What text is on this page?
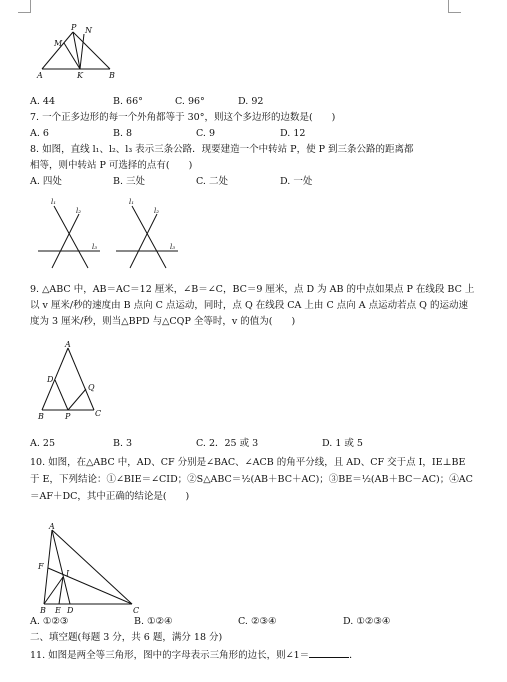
M
P N
A	K	B
A. 44	B. 66°	C. 96°	D. 92
7. 一个正多边形的每一个外角都等于 30°，则这个多边形的边数是(　　)
A. 6	B. 8	C. 9	D. 12
8. 如图，直线 l₁、l₂、l₃ 表示三条公路．现要建造一个中转站 P，使 P 到三条公路的距离都
相等，则中转站 P 可选择的点有(　　)
A. 四处	B. 三处	C. 二处	D. 一处
l₁
l₂
l₃
l₁
l₂
l₃
9. △ABC 中，AB＝AC＝12 厘米，∠B＝∠C，BC＝9 厘米，点 D 为 AB 的中点如果点 P 在线段 BC 上以 v 厘米/秒的速度由 B 点向 C 点运动，同时，点 Q 在线段 CA 上由 C 点向 A 点运动若点 Q 的运动速度为 3 厘米/秒，则当△BPD 与△CQP 全等时，v 的值为(　　)
A
D
Q
B	P	C
A. 25	B. 3	C. 2．25 或 3	D. 1 或 5
10. 如图，在△ABC 中，AD、CF 分别是∠BAC、∠ACB 的角平分线，且 AD、CF 交于点 I，IE⊥BE 于 E，下列结论：①∠BIE＝∠CID；②S△ABC＝½(AB＋BC＋AC)；③BE＝½(AB＋BC－AC)；④AC＝AF＋DC，其中正确的结论是(　　)
A
F
I
B E D	C
A. ①②③	B. ①②④	C. ②③④	D. ①②③④
二、填空题(每题 3 分，共 6 题，满分 18 分)
11. 如图是两全等三角形，图中的字母表示三角形的边长，则∠1＝	．
